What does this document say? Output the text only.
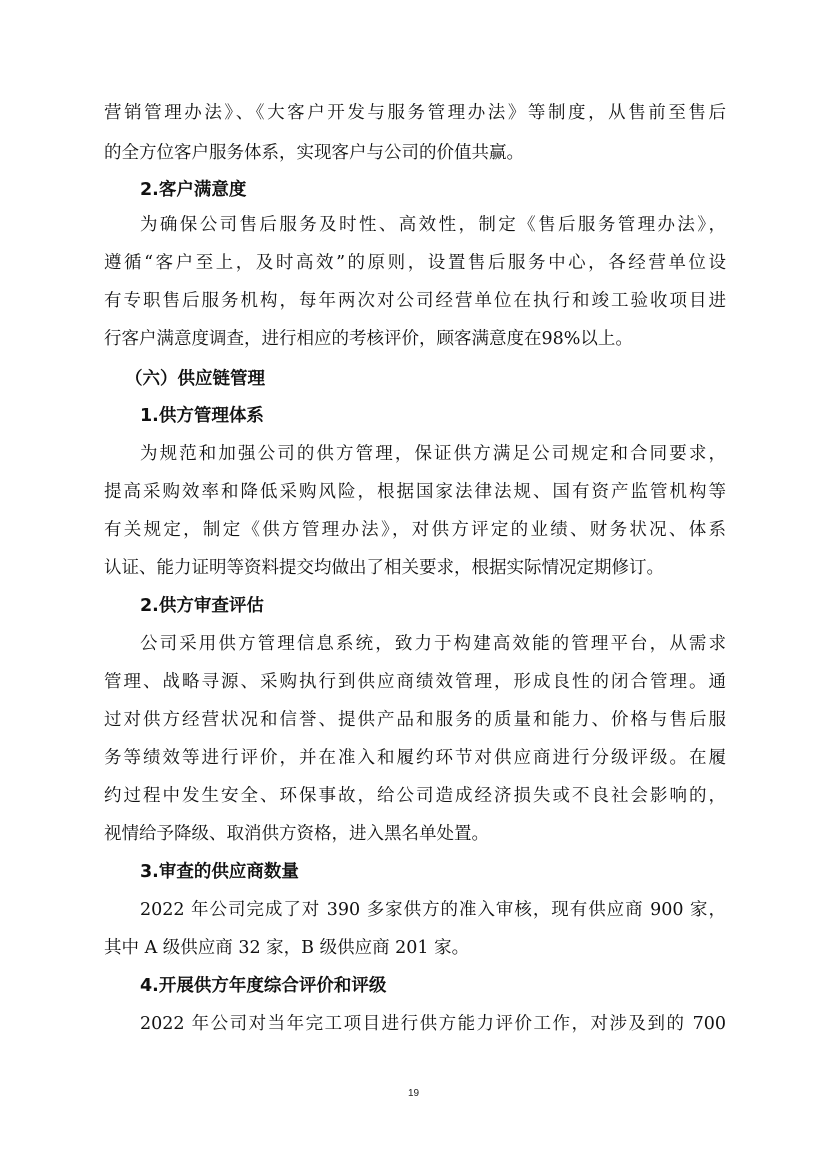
营销管理办法》、《大客户开发与服务管理办法》等制度，从售前至售后
的全方位客户服务体系，实现客户与公司的价值共赢。
2.客户满意度
为确保公司售后服务及时性、高效性，制定《售后服务管理办法》，
遵循“客户至上，及时高效”的原则，设置售后服务中心，各经营单位设
有专职售后服务机构，每年两次对公司经营单位在执行和竣工验收项目进
行客户满意度调查，进行相应的考核评价，顾客满意度在98%以上。
（六）供应链管理
1.供方管理体系
为规范和加强公司的供方管理，保证供方满足公司规定和合同要求，
提高采购效率和降低采购风险，根据国家法律法规、国有资产监管机构等
有关规定，制定《供方管理办法》，对供方评定的业绩、财务状况、体系
认证、能力证明等资料提交均做出了相关要求，根据实际情况定期修订。
2.供方审查评估
公司采用供方管理信息系统，致力于构建高效能的管理平台，从需求
管理、战略寻源、采购执行到供应商绩效管理，形成良性的闭合管理。通
过对供方经营状况和信誉、提供产品和服务的质量和能力、价格与售后服
务等绩效等进行评价，并在准入和履约环节对供应商进行分级评级。在履
约过程中发生安全、环保事故，给公司造成经济损失或不良社会影响的，
视情给予降级、取消供方资格，进入黑名单处置。
3.审查的供应商数量
2022 年公司完成了对 390 多家供方的准入审核，现有供应商 900 家，
其中 A 级供应商 32 家，B 级供应商 201 家。
4.开展供方年度综合评价和评级
2022 年公司对当年完工项目进行供方能力评价工作，对涉及到的 700
19
